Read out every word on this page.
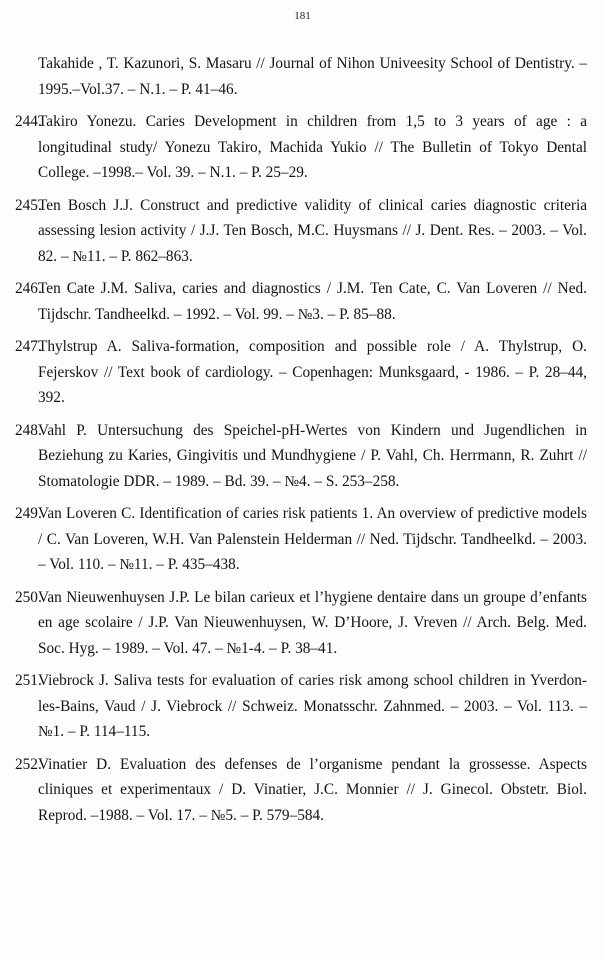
181
Takahide , T. Kazunori, S. Masaru // Journal of Nihon Univeesity School of Dentistry. – 1995.–Vol.37. – N.1. – P. 41–46.
244.
Takiro Yonezu. Caries Development in children from 1,5 to 3 years of age : a longitudinal study/ Yonezu Takiro, Machida Yukio // The Bulletin of Tokyo Dental College. –1998.– Vol. 39. – N.1. – P. 25–29.
245.
Ten Bosch J.J. Construct and predictive validity of clinical caries diagnostic criteria assessing lesion activity / J.J. Ten Bosch, M.C. Huysmans // J. Dent. Res. – 2003. – Vol. 82. – №11. – P. 862–863.
246.
Ten Cate J.M. Saliva, caries and diagnostics / J.M. Ten Cate, C. Van Loveren // Ned. Tijdschr. Tandheelkd. – 1992. – Vol. 99. – №3. – P. 85–88.
247.
Thylstrup A. Saliva-formation, composition and possible role / A. Thylstrup, O. Fejerskov // Text book of cardiology. – Copenhagen: Munksgaard, - 1986. – P. 28–44, 392.
248.
Vahl P. Untersuchung des Speichel-pH-Wertes von Kindern und Jugendlichen in Beziehung zu Karies, Gingivitis und Mundhygiene / P. Vahl, Ch. Herrmann, R. Zuhrt // Stomatologie DDR. – 1989. – Bd. 39. – №4. – S. 253–258.
249.
Van Loveren C. Identification of caries risk patients 1. An overview of predictive models / C. Van Loveren, W.H. Van Palenstein Helderman // Ned. Tijdschr. Tandheelkd. – 2003. – Vol. 110. – №11. – P. 435–438.
250.
Van Nieuwenhuysen J.P. Le bilan carieux et l’hygiene dentaire dans un groupe d’enfants en age scolaire / J.P. Van Nieuwenhuysen, W. D’Hoore, J. Vreven // Arch. Belg. Med. Soc. Hyg. – 1989. – Vol. 47. – №1-4. – P. 38–41.
251.
Viebrock J. Saliva tests for evaluation of caries risk among school children in Yverdon-les-Bains, Vaud / J. Viebrock // Schweiz. Monatsschr. Zahnmed. – 2003. – Vol. 113. – №1. – P. 114–115.
252.
Vinatier D. Evaluation des defenses de l’organisme pendant la grossesse. Aspects cliniques et experimentaux / D. Vinatier, J.C. Monnier // J. Ginecol. Obstetr. Biol. Reprod. –1988. – Vol. 17. – №5. – P. 579–584.
